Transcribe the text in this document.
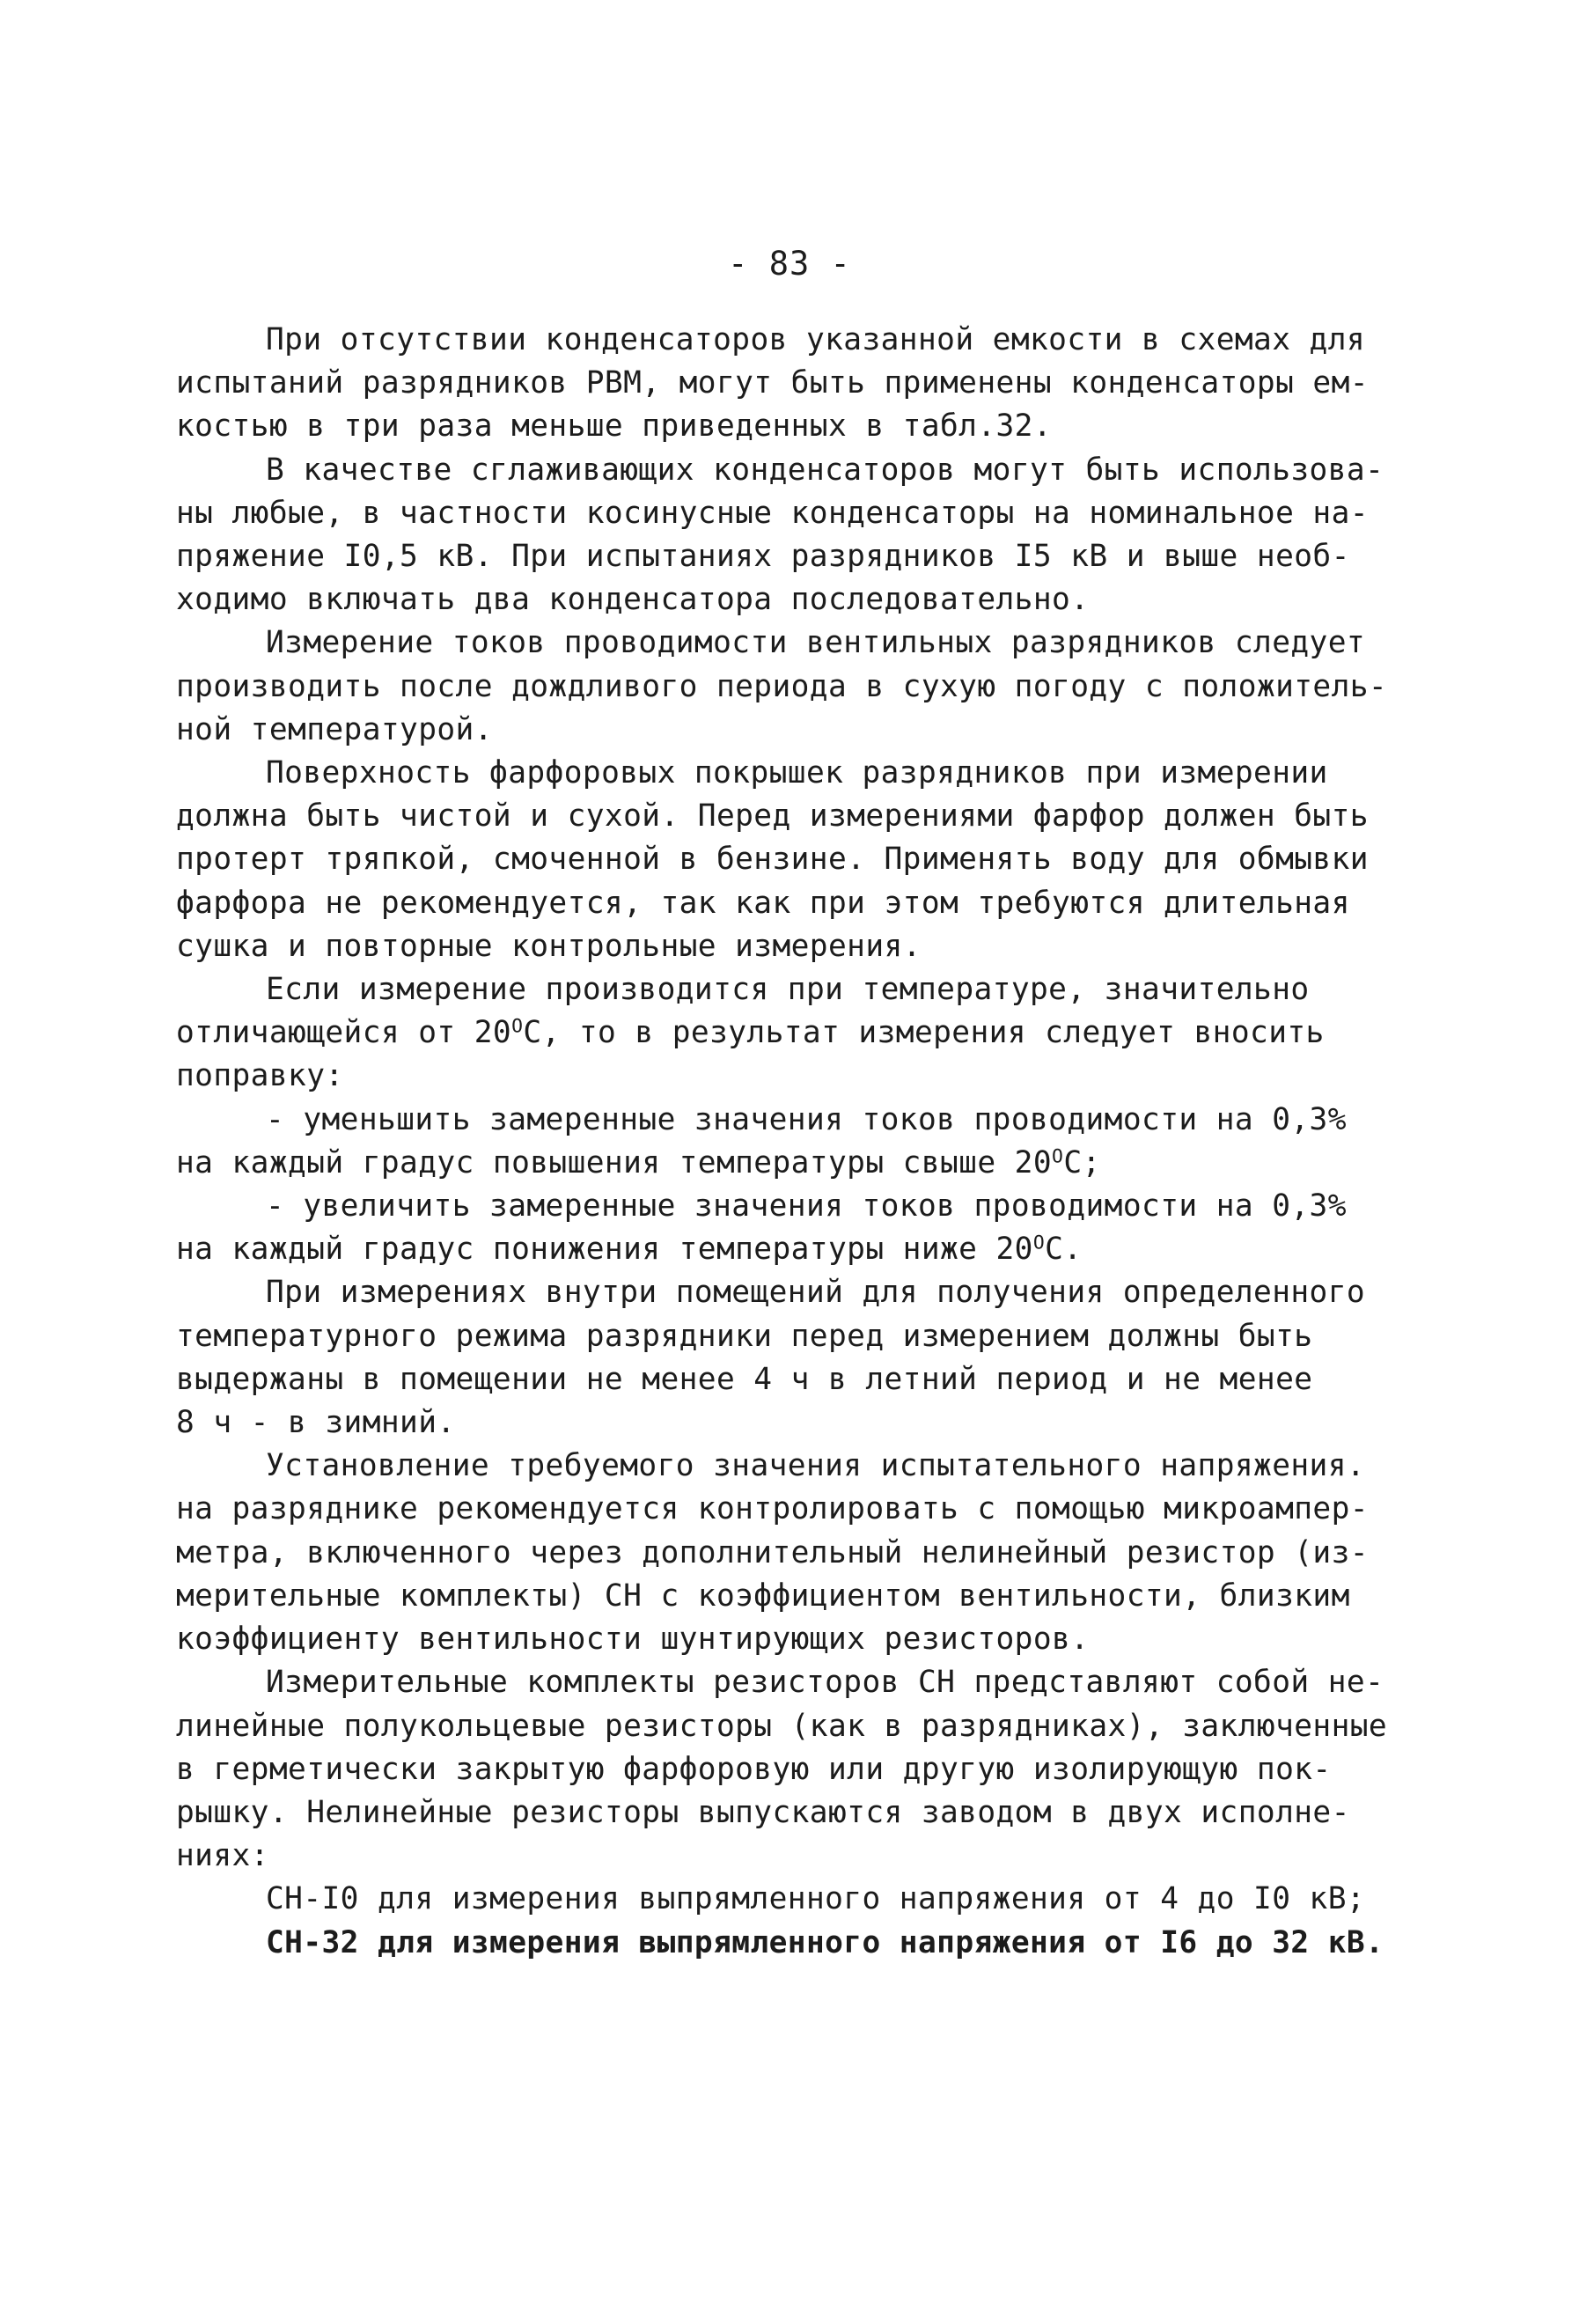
- 83 -
При отсутствии конденсаторов указанной емкости в схемах для
испытаний разрядников РВМ, могут быть применены конденсаторы ем-
костью в три раза меньше приведенных в табл.32.
В качестве сглаживающих конденсаторов могут быть использова-
ны любые, в частности косинусные конденсаторы на номинальное на-
пряжение I0,5 кВ. При испытаниях разрядников I5 кВ и выше необ-
ходимо включать два конденсатора последовательно.
Измерение токов проводимости вентильных разрядников следует
производить после дождливого периода в сухую погоду с положитель-
ной температурой.
Поверхность фарфоровых покрышек разрядников при измерении
должна быть чистой и сухой. Перед измерениями фарфор должен быть
протерт тряпкой, смоченной в бензине. Применять воду для обмывки
фарфора не рекомендуется, так как при этом требуются длительная
сушка и повторные контрольные измерения.
Если измерение производится при температуре, значительно
отличающейся от $20^ОС$, то в результат измерения следует вносить
поправку:
- уменьшить замеренные значения токов проводимости на 0,3%
на каждый градус повышения температуры свыше $20^ОС$;
- увеличить замеренные значения токов проводимости на 0,3%
на каждый градус понижения температуры ниже $20^ОС$.
При измерениях внутри помещений для получения определенного
температурного режима разрядники перед измерением должны быть
выдержаны в помещении не менее 4 ч в летний период и не менее
8 ч - в зимний.
Установление требуемого значения испытательного напряжения.
на разряднике рекомендуется контролировать с помощью микроампер-
метра, включенного через дополнительный нелинейный резистор (из-
мерительные комплекты) СН с коэффициентом вентильности, близким
коэффициенту вентильности шунтирующих резисторов.
Измерительные комплекты резисторов СН представляют собой не-
линейные полукольцевые резисторы (как в разрядниках), заключенные
в герметически закрытую фарфоровую или другую изолирующую пок-
рышку. Нелинейные резисторы выпускаются заводом в двух исполне-
ниях:
СН-I0 для измерения выпрямленного напряжения от 4 до I0 кВ;
СН-32 для измерения выпрямленного напряжения от I6 до 32 кВ.
